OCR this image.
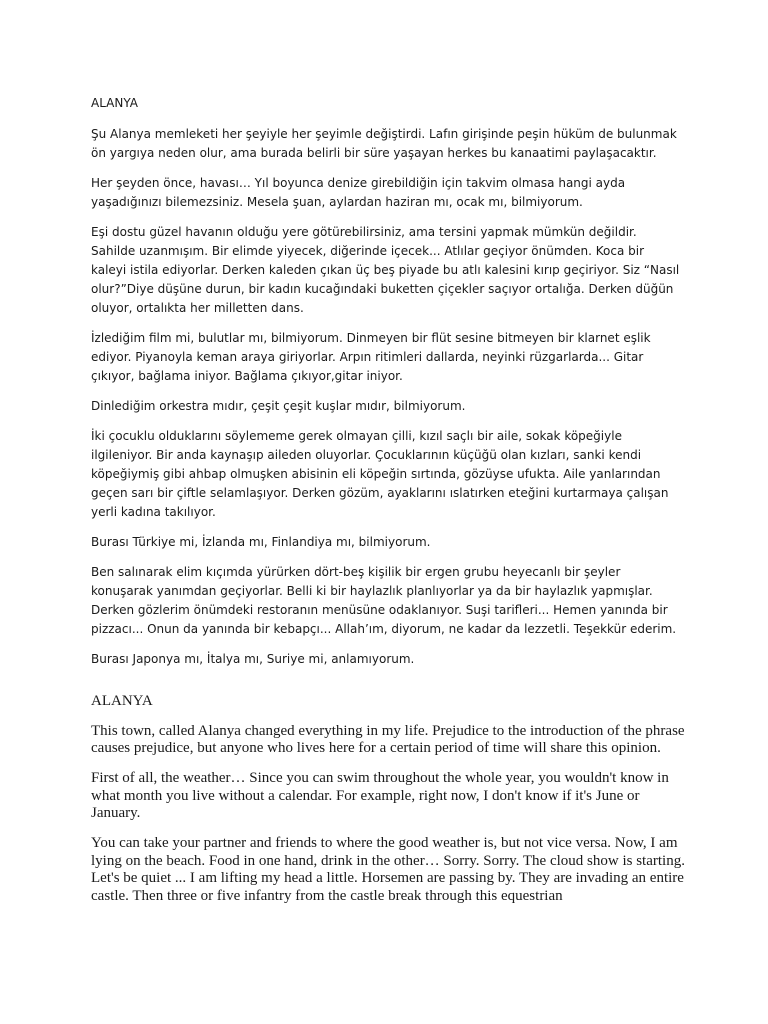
ALANYA

Şu Alanya memleketi her şeyiyle her şeyimle değiştirdi. Lafın girişinde peşin hüküm de bulunmak ön yargıya neden olur, ama burada belirli bir süre yaşayan herkes bu kanaatimi paylaşacaktır.

Her şeyden önce, havası… Yıl boyunca denize girebildiğin için takvim olmasa hangi ayda yaşadığınızı bilemezsiniz. Mesela şuan, aylardan haziran mı, ocak mı, bilmiyorum.

Eşi dostu güzel havanın olduğu yere götürebilirsiniz, ama tersini yapmak mümkün değildir. Sahilde uzanmışım. Bir elimde yiyecek, diğerinde içecek... Atlılar geçiyor önümden. Koca bir kaleyi istila ediyorlar. Derken kaleden çıkan üç beş piyade bu atlı kalesini kırıp geçiriyor. Siz “Nasıl olur?”Diye düşüne durun, bir kadın kucağındaki buketten çiçekler saçıyor ortalığa. Derken düğün oluyor, ortalıkta her milletten dans.

İzlediğim film mi, bulutlar mı, bilmiyorum. Dinmeyen bir flüt sesine bitmeyen bir klarnet eşlik ediyor. Piyanoyla keman araya giriyorlar. Arpın ritimleri dallarda, neyinki rüzgarlarda... Gitar çıkıyor, bağlama iniyor. Bağlama çıkıyor,gitar iniyor.

Dinlediğim orkestra mıdır, çeşit çeşit kuşlar mıdır, bilmiyorum.

İki çocuklu olduklarını söylememe gerek olmayan çilli, kızıl saçlı bir aile, sokak köpeğiyle ilgileniyor. Bir anda kaynaşıp aileden oluyorlar. Çocuklarının küçüğü olan kızları, sanki kendi köpeğiymiş gibi ahbap olmuşken abisinin eli köpeğin sırtında, gözüyse ufukta. Aile yanlarından geçen sarı bir çiftle selamlaşıyor. Derken gözüm, ayaklarını ıslatırken eteğini kurtarmaya çalışan yerli kadına takılıyor.

Burası Türkiye mi, İzlanda mı, Finlandiya mı, bilmiyorum.

Ben salınarak elim kıçımda yürürken dört-beş kişilik bir ergen grubu heyecanlı bir şeyler konuşarak yanımdan geçiyorlar. Belli ki bir haylazlık planlıyorlar ya da bir haylazlık yapmışlar. Derken gözlerim önümdeki restoranın menüsüne odaklanıyor. Suşi tarifleri... Hemen yanında bir pizzacı... Onun da yanında bir kebapçı... Allah’ım, diyorum, ne kadar da lezzetli. Teşekkür ederim.

Burası Japonya mı, İtalya mı, Suriye mi, anlamıyorum.

ALANYA

This town, called Alanya changed everything in my life. Prejudice to the introduction of the phrase causes prejudice, but anyone who lives here for a certain period of time will share this opinion.

First of all, the weather… Since you can swim throughout the whole year, you wouldn't know in what month you live without a calendar. For example, right now, I don't know if it's June or January.

You can take your partner and friends to where the good weather is, but not vice versa. Now, I am lying on the beach. Food in one hand, drink in the other… Sorry. Sorry. The cloud show is starting. Let's be quiet ... I am lifting my head a little. Horsemen are passing by. They are invading an entire castle. Then three or five infantry from the castle break through this equestrian
